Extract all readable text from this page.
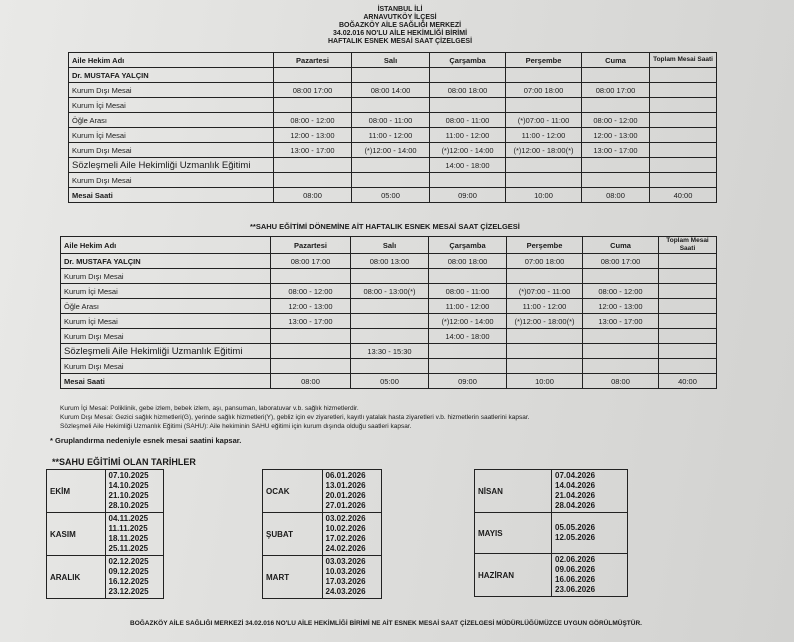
İSTANBUL İLİ
ARNAVUTKÖY İLÇESİ
BOĞAZKÖY AİLE SAĞLIĞI MERKEZİ
34.02.016 NO'LU AİLE HEKİMLİĞİ BİRİMİ
HAFTALIK ESNEK MESAİ SAAT ÇİZELGESİ
Aile Hekim Adı	Pazartesi	Salı	Çarşamba	Perşembe	Cuma	Toplam Mesai Saati
Dr. MUSTAFA YALÇIN						
Kurum Dışı Mesai	08:00 17:00	08:00 14:00	08:00 18:00	07:00 18:00	08:00 17:00	
Kurum İçi Mesai						
Öğle Arası	08:00 - 12:00	08:00 - 11:00	08:00 - 11:00	(*)07:00 - 11:00	08:00 - 12:00	
Kurum İçi Mesai	12:00 - 13:00	11:00 - 12:00	11:00 - 12:00	11:00 - 12:00	12:00 - 13:00	
Kurum Dışı Mesai	13:00 - 17:00	(*)12:00 - 14:00	(*)12:00 - 14:00	(*)12:00 - 18:00(*)	13:00 - 17:00	
Sözleşmeli Aile Hekimliği Uzmanlık Eğitimi			14:00 - 18:00			
Kurum Dışı Mesai						
Mesai Saati	08:00	05:00	09:00	10:00	08:00	40:00
**SAHU EĞİTİMİ DÖNEMİNE AİT HAFTALIK ESNEK MESAİ SAAT ÇİZELGESİ
Aile Hekim Adı	Pazartesi	Salı	Çarşamba	Perşembe	Cuma	Toplam Mesai Saati
Dr. MUSTAFA YALÇIN	08:00 17:00	08:00 13:00	08:00 18:00	07:00 18:00	08:00 17:00	
Kurum Dışı Mesai						
Kurum İçi Mesai	08:00 - 12:00	08:00 - 13:00(*)	08:00 - 11:00	(*)07:00 - 11:00	08:00 - 12:00	
Öğle Arası	12:00 - 13:00		11:00 - 12:00	11:00 - 12:00	12:00 - 13:00	
Kurum İçi Mesai	13:00 - 17:00		(*)12:00 - 14:00	(*)12:00 - 18:00(*)	13:00 - 17:00	
Kurum Dışı Mesai			14:00 - 18:00			
Sözleşmeli Aile Hekimliği Uzmanlık Eğitimi		13:30 - 15:30				
Kurum Dışı Mesai						
Mesai Saati	08:00	05:00	09:00	10:00	08:00	40:00
Kurum İçi Mesai: Poliklinik, gebe izlem, bebek izlem, aşı, pansuman, laboratuvar v.b. sağlık hizmetlerdir.
Kurum Dışı Mesai: Gezici sağlık hizmetleri(G), yerinde sağlık hizmetleri(Y), gebliz için ev ziyaretleri, kayıtlı yatalak hasta ziyaretleri v.b. hizmetlerin saatlerini kapsar.
Sözleşmeli Aile Hekimliği Uzmanlık Eğitimi (SAHU): Aile hekiminin SAHU eğitimi için kurum dışında olduğu saatleri kapsar.
* Gruplandırma nedeniyle esnek mesai saatini kapsar.
**SAHU EĞİTİMİ OLAN TARİHLER
EKİM	07.10.2025
14.10.2025
21.10.2025
28.10.2025

KASIM	04.11.2025
11.11.2025
18.11.2025
25.11.2025

ARALIK	02.12.2025
09.12.2025
16.12.2025
23.12.2025
OCAK	06.01.2026
13.01.2026
20.01.2026
27.01.2026

ŞUBAT	03.02.2026
10.02.2026
17.02.2026
24.02.2026

MART	03.03.2026
10.03.2026
17.03.2026
24.03.2026
NİSAN	07.04.2026
14.04.2026
21.04.2026
28.04.2026

MAYIS	05.05.2026
12.05.2026

HAZİRAN	02.06.2026
09.06.2026
16.06.2026
23.06.2026
BOĞAZKÖY AİLE SAĞLIĞI MERKEZİ 34.02.016 NO'LU AİLE HEKİMLİĞİ BİRİMİ NE AİT ESNEK MESAİ SAAT ÇİZELGESİ MÜDÜRLÜĞÜMÜZCE UYGUN GÖRÜLMÜŞTÜR.
